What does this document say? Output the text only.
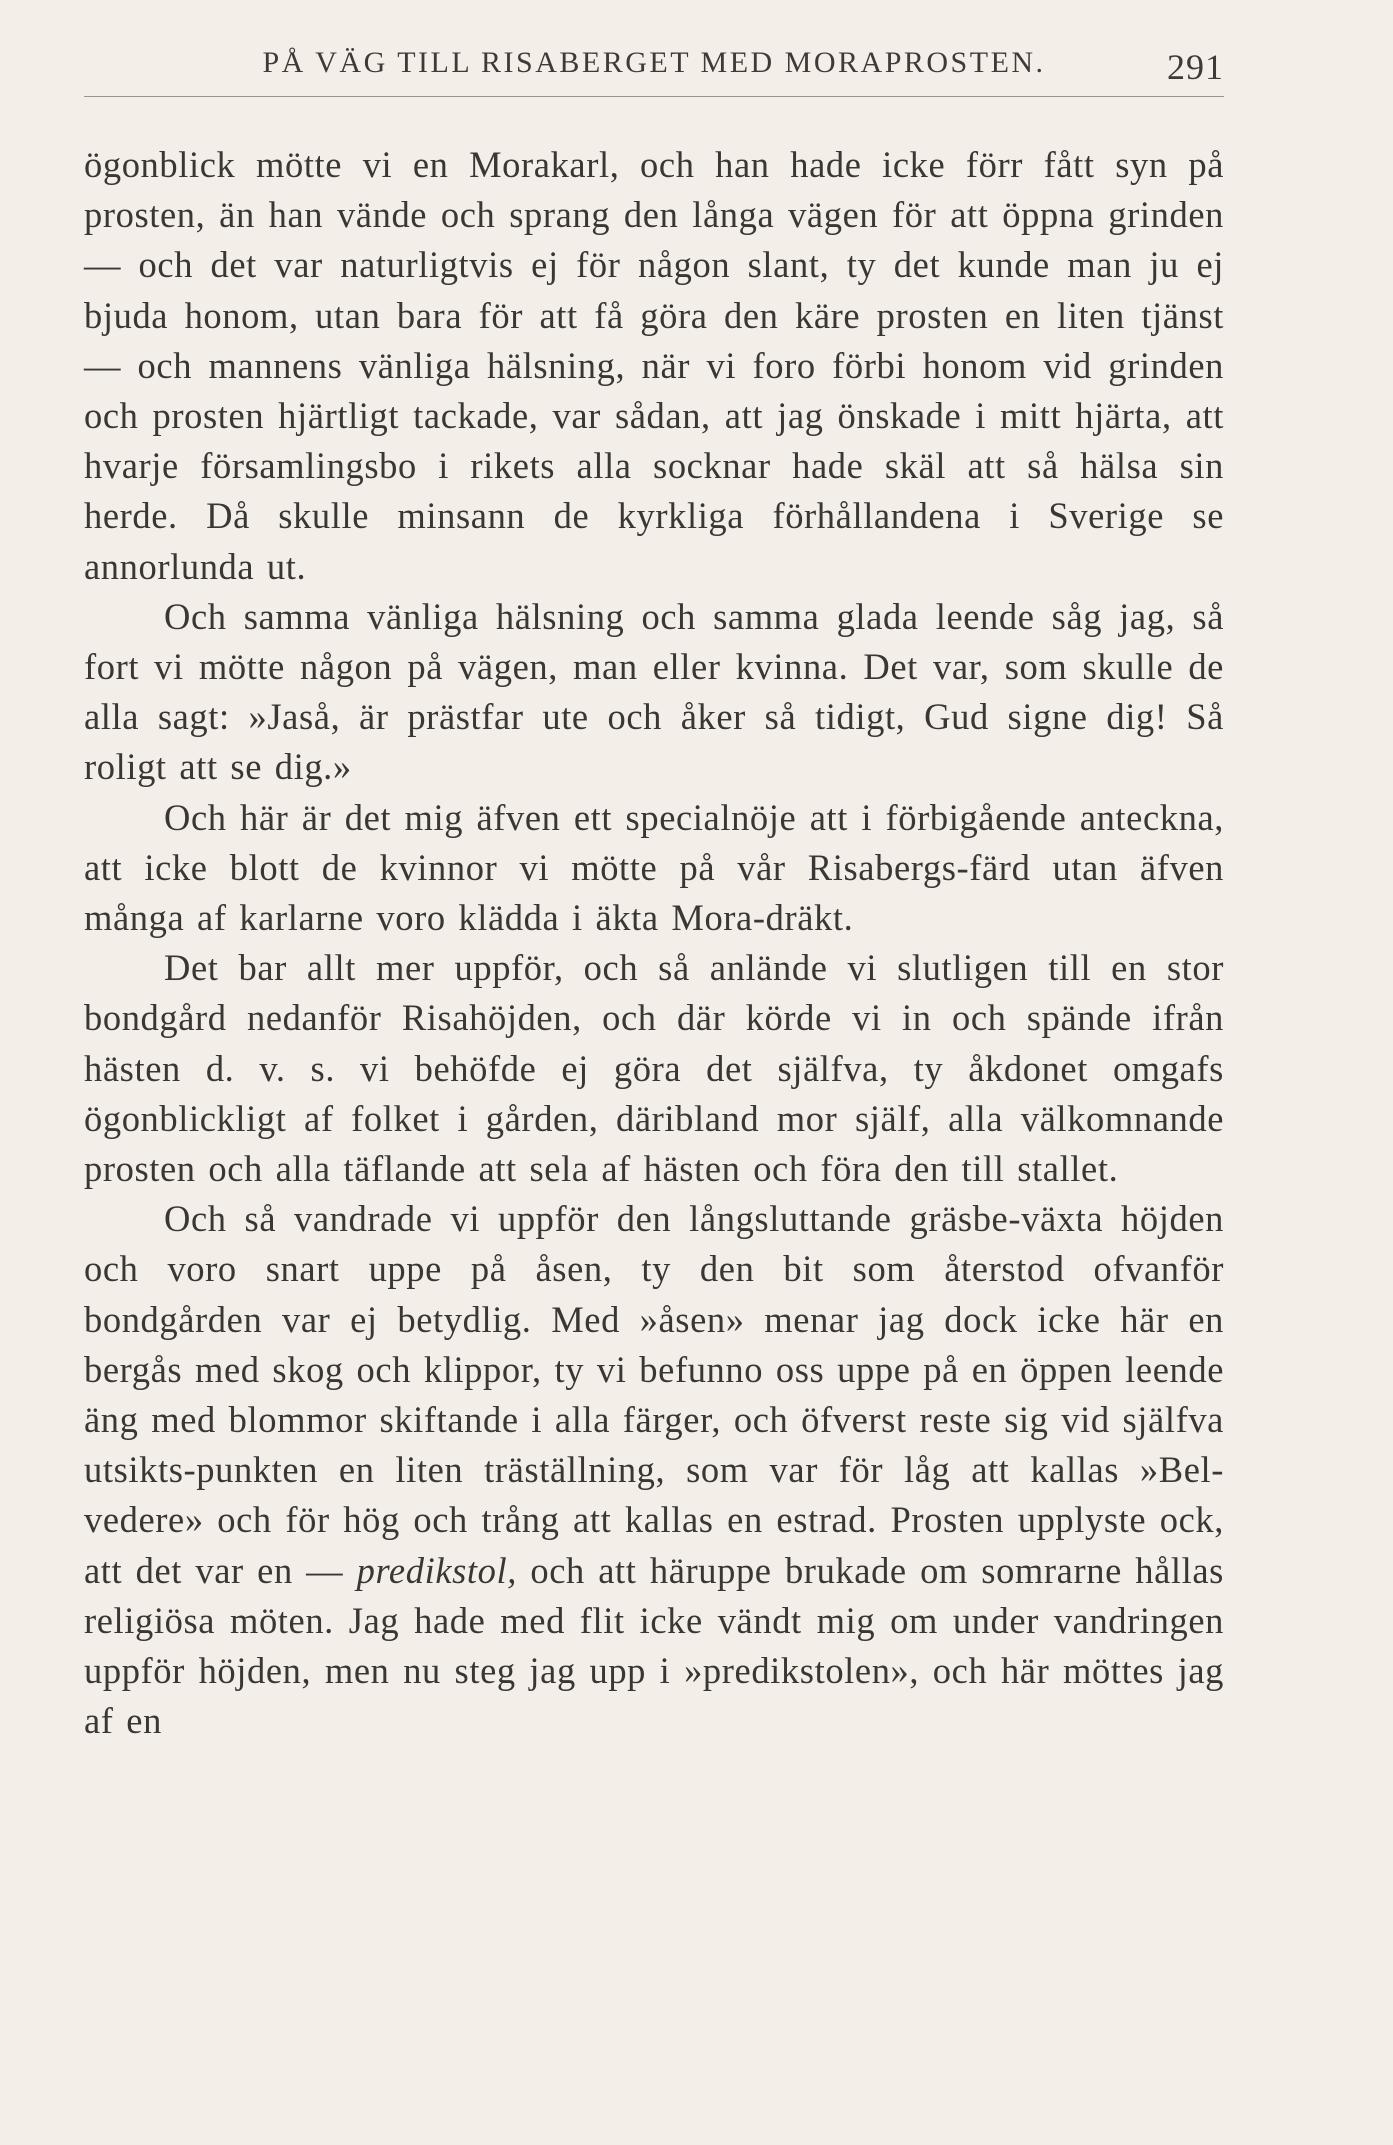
PÅ VÄG TILL RISABERGET MED MORAPROSTEN.	291

ögonblick mötte vi en Morakarl, och han hade icke förr fått syn på prosten, än han vände och sprang den långa vägen för att öppna grinden — och det var naturligtvis ej för någon slant, ty det kunde man ju ej bjuda honom, utan bara för att få göra den käre prosten en liten tjänst — och mannens vänliga hälsning, när vi foro förbi honom vid grinden och prosten hjärtligt tackade, var sådan, att jag önskade i mitt hjärta, att hvarje församlingsbo i rikets alla socknar hade skäl att så hälsa sin herde. Då skulle minsann de kyrkliga förhållandena i Sverige se annorlunda ut.

Och samma vänliga hälsning och samma glada leende såg jag, så fort vi mötte någon på vägen, man eller kvinna. Det var, som skulle de alla sagt: »Jaså, är prästfar ute och åker så tidigt, Gud signe dig! Så roligt att se dig.»

Och här är det mig äfven ett specialnöje att i förbigående anteckna, att icke blott de kvinnor vi mötte på vår Risabergs-färd utan äfven många af karlarne voro klädda i äkta Mora-dräkt.

Det bar allt mer uppför, och så anlände vi slutligen till en stor bondgård nedanför Risahöjden, och där körde vi in och spände ifrån hästen d. v. s. vi behöfde ej göra det själfva, ty åkdonet omgafs ögonblickligt af folket i gården, däribland mor själf, alla välkomnande prosten och alla täflande att sela af hästen och föra den till stallet.

Och så vandrade vi uppför den långsluttande gräsbe-växta höjden och voro snart uppe på åsen, ty den bit som återstod ofvanför bondgården var ej betydlig. Med »åsen» menar jag dock icke här en bergås med skog och klippor, ty vi befunno oss uppe på en öppen leende äng med blommor skiftande i alla färger, och öfverst reste sig vid själfva utsikts-punkten en liten träställning, som var för låg att kallas »Bel-vedere» och för hög och trång att kallas en estrad. Prosten upplyste ock, att det var en — predikstol, och att häruppe brukade om somrarne hållas religiösa möten. Jag hade med flit icke vändt mig om under vandringen uppför höjden, men nu steg jag upp i »predikstolen», och här möttes jag af en
